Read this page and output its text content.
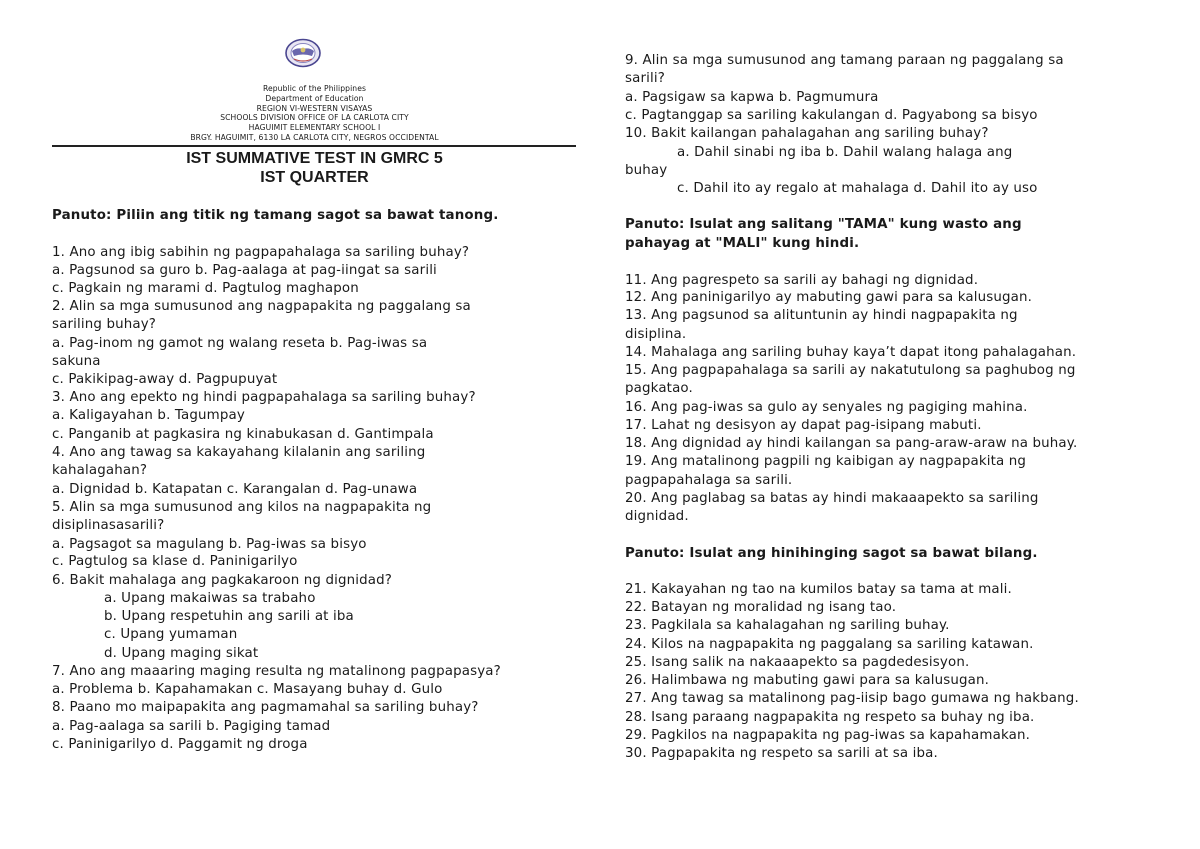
Republic of the Philippines
Department of Education
REGION VI-WESTERN VISAYAS
SCHOOLS DIVISION OFFICE OF LA CARLOTA CITY
HAGUIMIT ELEMENTARY SCHOOL I
BRGY. HAGUIMIT, 6130 LA CARLOTA CITY, NEGROS OCCIDENTAL
IST SUMMATIVE TEST IN GMRC 5
IST QUARTER
Panuto: Piliin ang titik ng tamang sagot sa bawat tanong.
1. Ano ang ibig sabihin ng pagpapahalaga sa sariling buhay?
a. Pagsunod sa guro b. Pag-aalaga at pag-iingat sa sarili
c. Pagkain ng marami d. Pagtulog maghapon
2. Alin sa mga sumusunod ang nagpapakita ng paggalang sa
sariling buhay?
a. Pag-inom ng gamot ng walang reseta b. Pag-iwas sa
sakuna
c. Pakikipag-away d. Pagpupuyat
3. Ano ang epekto ng hindi pagpapahalaga sa sariling buhay?
a. Kaligayahan b. Tagumpay
c. Panganib at pagkasira ng kinabukasan d. Gantimpala
4. Ano ang tawag sa kakayahang kilalanin ang sariling
kahalagahan?
a. Dignidad b. Katapatan c. Karangalan d. Pag-unawa
5. Alin sa mga sumusunod ang kilos na nagpapakita ng
disiplinasasarili?
a. Pagsagot sa magulang b. Pag-iwas sa bisyo
c. Pagtulog sa klase d. Paninigarilyo
6. Bakit mahalaga ang pagkakaroon ng dignidad?
a. Upang makaiwas sa trabaho
b. Upang respetuhin ang sarili at iba
c. Upang yumaman
d. Upang maging sikat
7. Ano ang maaaring maging resulta ng matalinong pagpapasya?
a. Problema b. Kapahamakan c. Masayang buhay d. Gulo
8. Paano mo maipapakita ang pagmamahal sa sariling buhay?
a. Pag-aalaga sa sarili b. Pagiging tamad
c. Paninigarilyo d. Paggamit ng droga
9. Alin sa mga sumusunod ang tamang paraan ng paggalang sa
sarili?
a. Pagsigaw sa kapwa b. Pagmumura
c. Pagtanggap sa sariling kakulangan d. Pagyabong sa bisyo
10. Bakit kailangan pahalagahan ang sariling buhay?
a. Dahil sinabi ng iba b. Dahil walang halaga ang
buhay
c. Dahil ito ay regalo at mahalaga d. Dahil ito ay uso
Panuto: Isulat ang salitang "TAMA" kung wasto ang
pahayag at "MALI" kung hindi.
11. Ang pagrespeto sa sarili ay bahagi ng dignidad.
12. Ang paninigarilyo ay mabuting gawi para sa kalusugan.
13. Ang pagsunod sa alituntunin ay hindi nagpapakita ng
disiplina.
14. Mahalaga ang sariling buhay kaya’t dapat itong pahalagahan.
15. Ang pagpapahalaga sa sarili ay nakatutulong sa paghubog ng
pagkatao.
16. Ang pag-iwas sa gulo ay senyales ng pagiging mahina.
17. Lahat ng desisyon ay dapat pag-isipang mabuti.
18. Ang dignidad ay hindi kailangan sa pang-araw-araw na buhay.
19. Ang matalinong pagpili ng kaibigan ay nagpapakita ng
pagpapahalaga sa sarili.
20. Ang paglabag sa batas ay hindi makaaapekto sa sariling
dignidad.
Panuto: Isulat ang hinihinging sagot sa bawat bilang.
21. Kakayahan ng tao na kumilos batay sa tama at mali.
22. Batayan ng moralidad ng isang tao.
23. Pagkilala sa kahalagahan ng sariling buhay.
24. Kilos na nagpapakita ng paggalang sa sariling katawan.
25. Isang salik na nakaaapekto sa pagdedesisyon.
26. Halimbawa ng mabuting gawi para sa kalusugan.
27. Ang tawag sa matalinong pag-iisip bago gumawa ng hakbang.
28. Isang paraang nagpapakita ng respeto sa buhay ng iba.
29. Pagkilos na nagpapakita ng pag-iwas sa kapahamakan.
30. Pagpapakita ng respeto sa sarili at sa iba.
